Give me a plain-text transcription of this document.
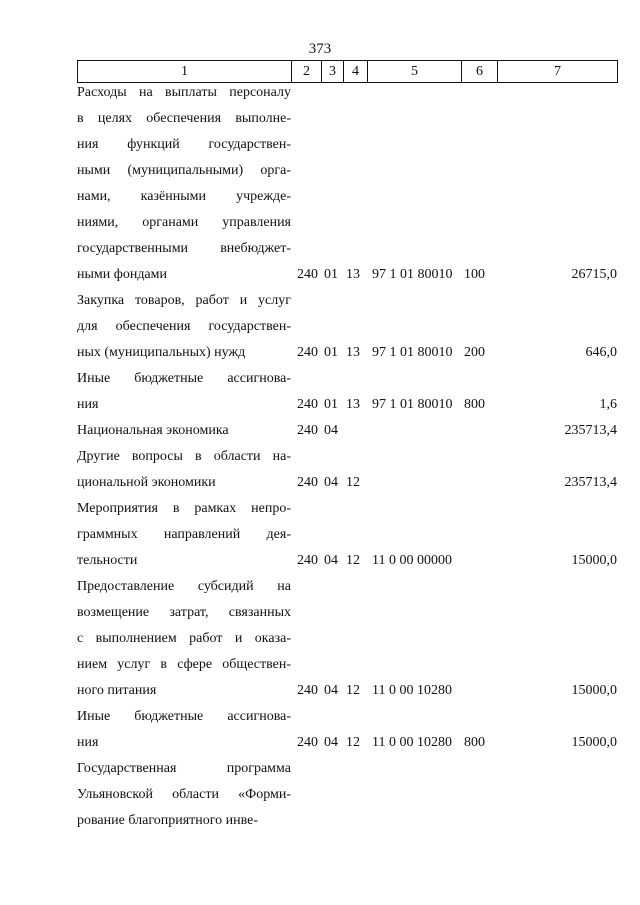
373
1	2	3	4	5	6	7
Расходы на выплаты персоналу
в целях обеспечения выполне-
ния функций государствен-
ными (муниципальными) орга-
нами, казёнными учрежде-
ниями, органами управления
государственными внебюджет-
ными фондами	240 01 13 97 1 01 80010 100	26715,0
Закупка товаров, работ и услуг
для обеспечения государствен-
ных (муниципальных) нужд	240 01 13 97 1 01 80010 200	646,0
Иные бюджетные ассигнова-
ния	240 01 13 97 1 01 80010 800	1,6
Национальная экономика	240 04	235713,4
Другие вопросы в области на-
циональной экономики	240 04 12	235713,4
Мероприятия в рамках непро-
граммных направлений дея-
тельности	240 04 12 11 0 00 00000	15000,0
Предоставление субсидий на
возмещение затрат, связанных
с выполнением работ и оказа-
нием услуг в сфере обществен-
ного питания	240 04 12 11 0 00 10280	15000,0
Иные бюджетные ассигнова-
ния	240 04 12 11 0 00 10280 800	15000,0
Государственная программа
Ульяновской области «Форми-
рование благоприятного инве-
